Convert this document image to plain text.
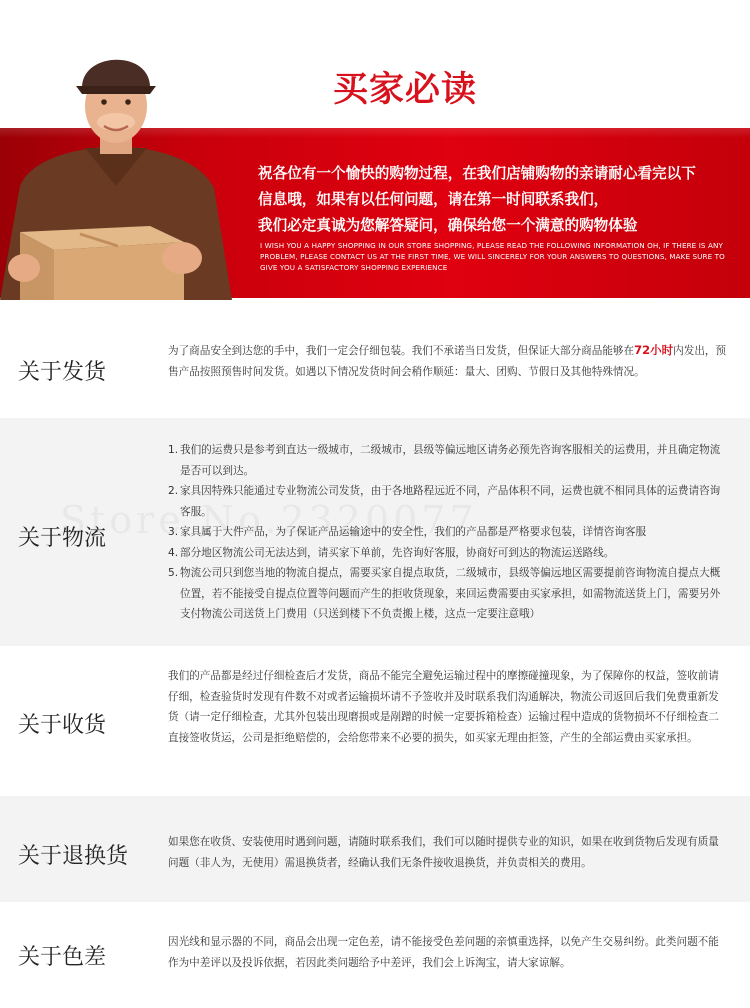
买家必读
祝各位有一个愉快的购物过程，在我们店铺购物的亲请耐心看完以下
信息哦，如果有以任何问题，请在第一时间联系我们，
我们必定真诚为您解答疑问，确保给您一个满意的购物体验
I WISH YOU A HAPPY SHOPPING IN OUR STORE SHOPPING, PLEASE READ THE FOLLOWING INFORMATION OH, IF THERE IS ANY PROBLEM, PLEASE CONTACT US AT THE FIRST TIME, WE WILL SINCERELY FOR YOUR ANSWERS TO QUESTIONS, MAKE SURE TO GIVE YOU A SATISFACTORY SHOPPING EXPERIENCE
关于发货
为了商品安全到达您的手中，我们一定会仔细包装。我们不承诺当日发货，但保证大部分商品能够在72小时内发出，预售产品按照预售时间发货。如遇以下情况发货时间会稍作顺延：量大、团购、节假日及其他特殊情况。
关于物流
1. 我们的运费只是参考到直达一级城市，二级城市，县级等偏远地区请务必预先咨询客服相关的运费用，并且确定物流是否可以到达。
2. 家具因特殊只能通过专业物流公司发货，由于各地路程远近不同，产品体积不同，运费也就不相同具体的运费请咨询客服。
3. 家具属于大件产品，为了保证产品运输途中的安全性，我们的产品都是严格要求包装，详情咨询客服
4. 部分地区物流公司无法达到，请买家下单前，先咨询好客服，协商好可到达的物流运送路线。
5. 物流公司只到您当地的物流自提点，需要买家自提点取货，二级城市，县级等偏远地区需要提前咨询物流自提点大概位置，若不能接受自提点位置等问题而产生的拒收货现象，来回运费需要由买家承担，如需物流送货上门，需要另外支付物流公司送货上门费用（只送到楼下不负责搬上楼，这点一定要注意哦）
关于收货
我们的产品都是经过仔细检查后才发货，商品不能完全避免运输过程中的摩擦碰撞现象，为了保障你的权益，签收前请仔细，检查验货时发现有件数不对或者运输损坏请不予签收并及时联系我们沟通解决，物流公司返回后我们免费重新发货（请一定仔细检查，尤其外包装出现磨损或是剐蹭的时候一定要拆箱检查）运输过程中造成的货物损坏不仔细检查二直接签收货运，公司是拒绝赔偿的，会给您带来不必要的损失，如买家无理由拒签，产生的全部运费由买家承担。
关于退换货
如果您在收货、安装使用时遇到问题，请随时联系我们，我们可以随时提供专业的知识，如果在收到货物后发现有质量问题（非人为，无使用）需退换货者，经确认我们无条件接收退换货，并负责相关的费用。
关于色差
因光线和显示器的不同，商品会出现一定色差，请不能接受色差问题的亲慎重选择，以免产生交易纠纷。此类问题不能作为中差评以及投诉依据，若因此类问题给予中差评，我们会上诉淘宝，请大家谅解。
